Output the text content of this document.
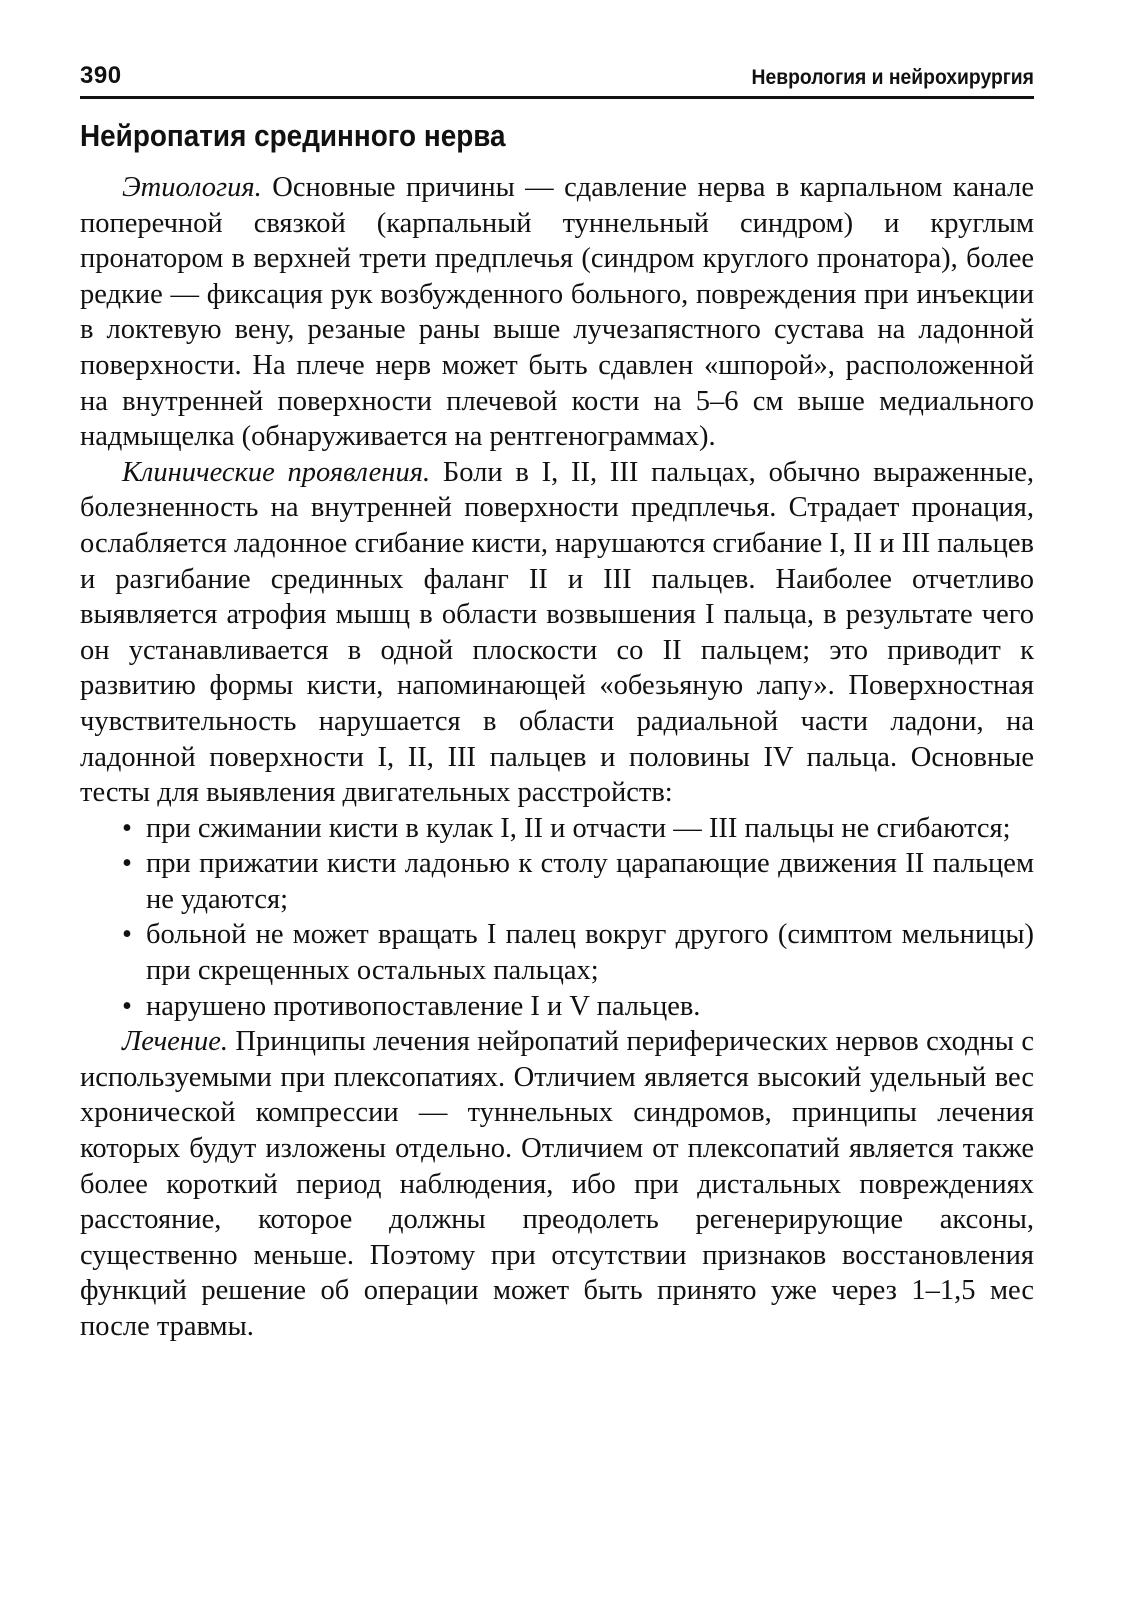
390	Неврология и нейрохирургия
Нейропатия срединного нерва

Этиология. Основные причины — сдавление нерва в карпальном канале поперечной связкой (карпальный туннельный синдром) и круглым пронатором в верхней трети предплечья (синдром круглого пронатора), более редкие — фиксация рук возбужденного больного, повреждения при инъекции в локтевую вену, резаные раны выше лучезапястного сустава на ладонной поверхности. На плече нерв может быть сдавлен «шпорой», расположенной на внутренней поверхности плечевой кости на 5–6 см выше медиального надмыщелка (обнаруживается на рентгенограммах).

Клинические проявления. Боли в I, II, III пальцах, обычно выраженные, болезненность на внутренней поверхности предплечья. Страдает пронация, ослабляется ладонное сгибание кисти, нарушаются сгибание I, II и III пальцев и разгибание срединных фаланг II и III пальцев. Наиболее отчетливо выявляется атрофия мышц в области возвышения I пальца, в результате чего он устанавливается в одной плоскости со II пальцем; это приводит к развитию формы кисти, напоминающей «обезьяную лапу». Поверхностная чувствительность нарушается в области радиальной части ладони, на ладонной поверхности I, II, III пальцев и половины IV пальца. Основные тесты для выявления двигательных расстройств:

• при сжимании кисти в кулак I, II и отчасти — III пальцы не сгибаются;
• при прижатии кисти ладонью к столу царапающие движения II пальцем не удаются;
• больной не может вращать I палец вокруг другого (симптом мельницы) при скрещенных остальных пальцах;
• нарушено противопоставление I и V пальцев.

Лечение. Принципы лечения нейропатий периферических нервов сходны с используемыми при плексопатиях. Отличием является высокий удельный вес хронической компрессии — туннельных синдромов, принципы лечения которых будут изложены отдельно. Отличием от плексопатий является также более короткий период наблюдения, ибо при дистальных повреждениях расстояние, которое должны преодолеть регенерирующие аксоны, существенно меньше. Поэтому при отсутствии признаков восстановления функций решение об операции может быть принято уже через 1–1,5 мес после травмы.
